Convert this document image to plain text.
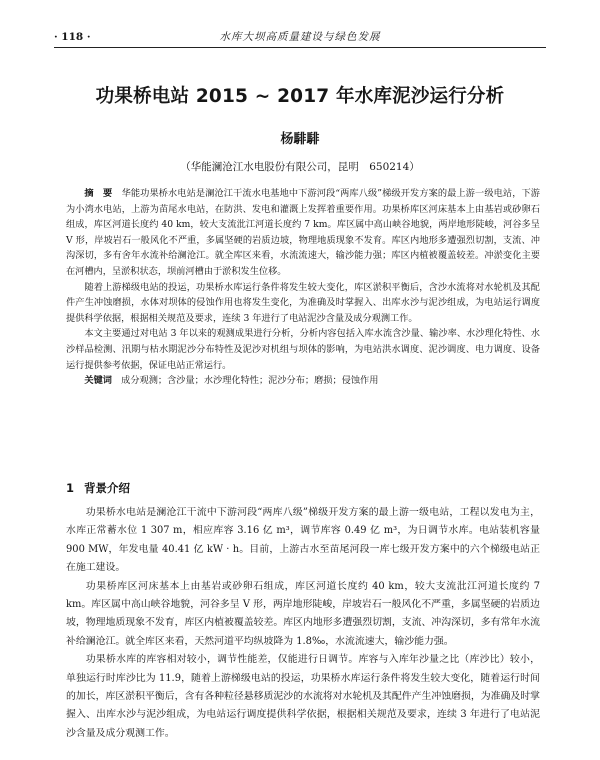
· 118 ·	水库大坝高质量建设与绿色发展
功果桥电站 2015 ~ 2017 年水库泥沙运行分析
杨騑騑
（华能澜沧江水电股份有限公司，昆明　650214）

摘　要　 华能功果桥水电站是澜沧江干流水电基地中下游河段“两库八级”梯级开发方案的最上游一级电站，下游为小湾水电站，上游为苗尾水电站，在防洪、发电和灌溉上发挥着重要作用。功果桥库区河床基本上由基岩或砂卵石组成，库区河道长度约 40 km，较大支流沘江河道长度约 7 km。库区属中高山峡谷地貌，两岸地形陡峻，河谷多呈 V 形，岸坡岩石一般风化不严重，多属坚硬的岩质边坡，物理地质现象不发育。库区内地形多遭强烈切割，支流、冲沟深切，多有舍年水流补给澜沧江。就全库区来看，水流流速大，输沙能力强；库区内植被覆盖较差。冲淤变化主要在河槽内，呈淤积状态，坝前河槽由于淤积发生位移。

随着上游梯级电站的投运，功果桥水库运行条件将发生较大变化，库区淤积平衡后，含沙水流将对水轮机及其配件产生冲蚀磨损，水体对坝体的侵蚀作用也将发生变化，为准确及时掌握入、出库水沙与泥沙组成，为电站运行调度提供科学依据，根据相关规范及要求，连续 3 年进行了电站泥沙含量及成分观测工作。

本文主要通过对电站 3 年以来的观测成果进行分析，分析内容包括入库水流含沙量、输沙率、水沙理化特性、水沙样品检测、汛期与枯水期泥沙分布特性及泥沙对机组与坝体的影响，为电站洪水调度、泥沙调度、电力调度、设备运行提供参考依据，保证电站正常运行。

关键词　 成分观测；含沙量；水沙理化特性；泥沙分布；磨损；侵蚀作用

1 背景介绍

功果桥水电站是澜沧江干流中下游河段“两库八级”梯级开发方案的最上游一级电站，工程以发电为主，水库正常蓄水位 1 307 m，相应库容 3.16 亿 m³，调节库容 0.49 亿 m³，为日调节水库。电站装机容量 900 MW，年发电量 40.41 亿 kW · h。目前，上游古水至苗尾河段一库七级开发方案中的六个梯级电站正在施工建设。

功果桥库区河床基本上由基岩或砂卵石组成，库区河道长度约 40 km，较大支流沘江河道长度约 7 km。库区属中高山峡谷地貌，河谷多呈 V 形，两岸地形陡峻，岸坡岩石一般风化不严重，多属坚硬的岩质边坡，物理地质现象不发育，库区内植被覆盖较差。库区内地形多遭强烈切割，支流、冲沟深切，多有常年水流补给澜沧江。就全库区来看，天然河道平均纵坡降为 1.8‰，水流流速大，输沙能力强。

功果桥水库的库容相对较小，调节性能差，仅能进行日调节。库容与入库年沙量之比（库沙比）较小，单独运行时库沙比为 11.9，随着上游梯级电站的投运，功果桥水库运行条件将发生较大变化，随着运行时间的加长，库区淤积平衡后，含有各种粒径悬移质泥沙的水流将对水轮机及其配件产生冲蚀磨损，为准确及时掌握入、出库水沙与泥沙组成，为电站运行调度提供科学依据，根据相关规范及要求，连续 3 年进行了电站泥沙含量及成分观测工作。
